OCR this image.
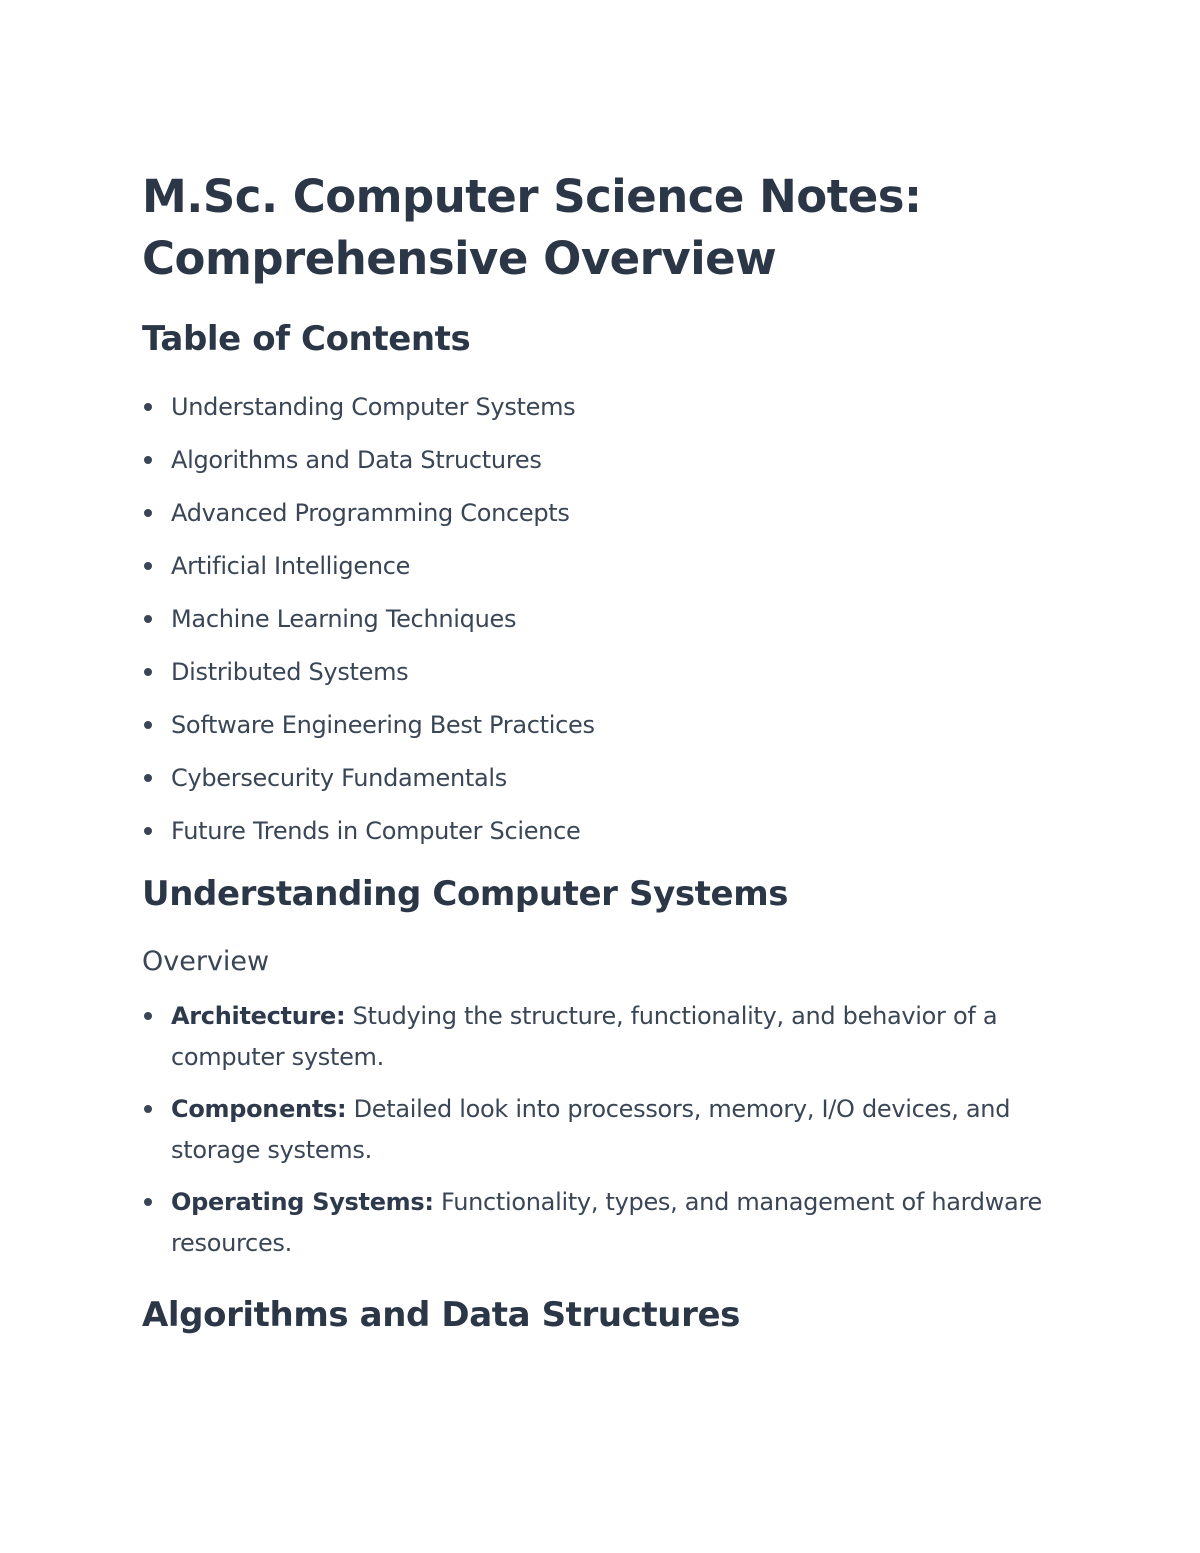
M.Sc. Computer Science Notes:
Comprehensive Overview
Table of Contents
Understanding Computer Systems
Algorithms and Data Structures
Advanced Programming Concepts
Artificial Intelligence
Machine Learning Techniques
Distributed Systems
Software Engineering Best Practices
Cybersecurity Fundamentals
Future Trends in Computer Science
Understanding Computer Systems
Overview
Architecture: Studying the structure, functionality, and behavior of a computer system.
Components: Detailed look into processors, memory, I/O devices, and storage systems.
Operating Systems: Functionality, types, and management of hardware resources.
Algorithms and Data Structures
